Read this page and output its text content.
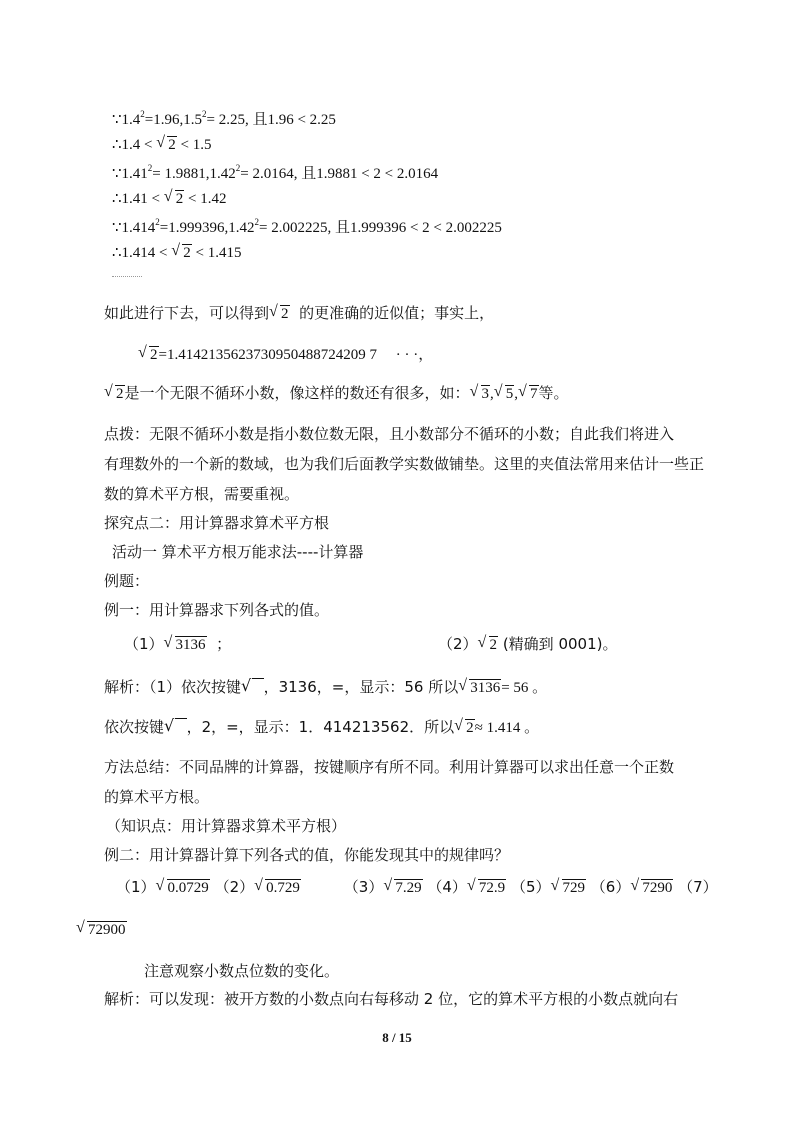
$\because 1.4^2=1.96,1.5^2= 2.25$, 且1.96 < 2.25
∴1.4 < √ 2 < 1.5
$\because 1.41^2= 1.9881,1.42^2= 2.0164$, 且1.9881 < 2 < 2.0164
∴1.41 < √ 2 < 1.42
$\because 1.414^2=1.999396,1.42^2= 2.002225$, 且1.999396 < 2 < 2.002225
∴1.414 < √ 2 < 1.415
如此进行下去，可以得到 √ 2 的更准确的近似值；事实上，
√ 2=1.4142135623730950488724209 7 · · ·，
√ 2是一个无限不循环小数，像这样的数还有很多，如： √ 3, √ 5, √ 7等。
点拨：无限不循环小数是指小数位数无限，且小数部分不循环的小数；自此我们将进入
有理数外的一个新的数域，也为我们后面教学实数做铺垫。这里的夹值法常用来估计一些正
数的算术平方根，需要重视。
探究点二：用计算器求算术平方根
活动一 算术平方根万能求法----计算器
例题：
例一：用计算器求下列各式的值。
（1） √ 3136 ；	（2） √ 2 (精确到 0001)。
解析：（1）依次按键 √ ，3136，=，显示：56 所以 √ 3136= 56 。
依次按键 √ ，2，=，显示：1．414213562．所以 √ 2≈ 1.414 。
方法总结：不同品牌的计算器，按键顺序有所不同。利用计算器可以求出任意一个正数
的算术平方根。
（知识点：用计算器求算术平方根）
例二：用计算器计算下列各式的值，你能发现其中的规律吗？
（1） √ 0.0729 （2） √ 0.729	（3） √ 7.29 （4） √ 72.9 （5） √ 729 （6） √ 7290 （7）
√ 72900
注意观察小数点位数的变化。
解析：可以发现：被开方数的小数点向右每移动 2 位，它的算术平方根的小数点就向右
8 / 15
